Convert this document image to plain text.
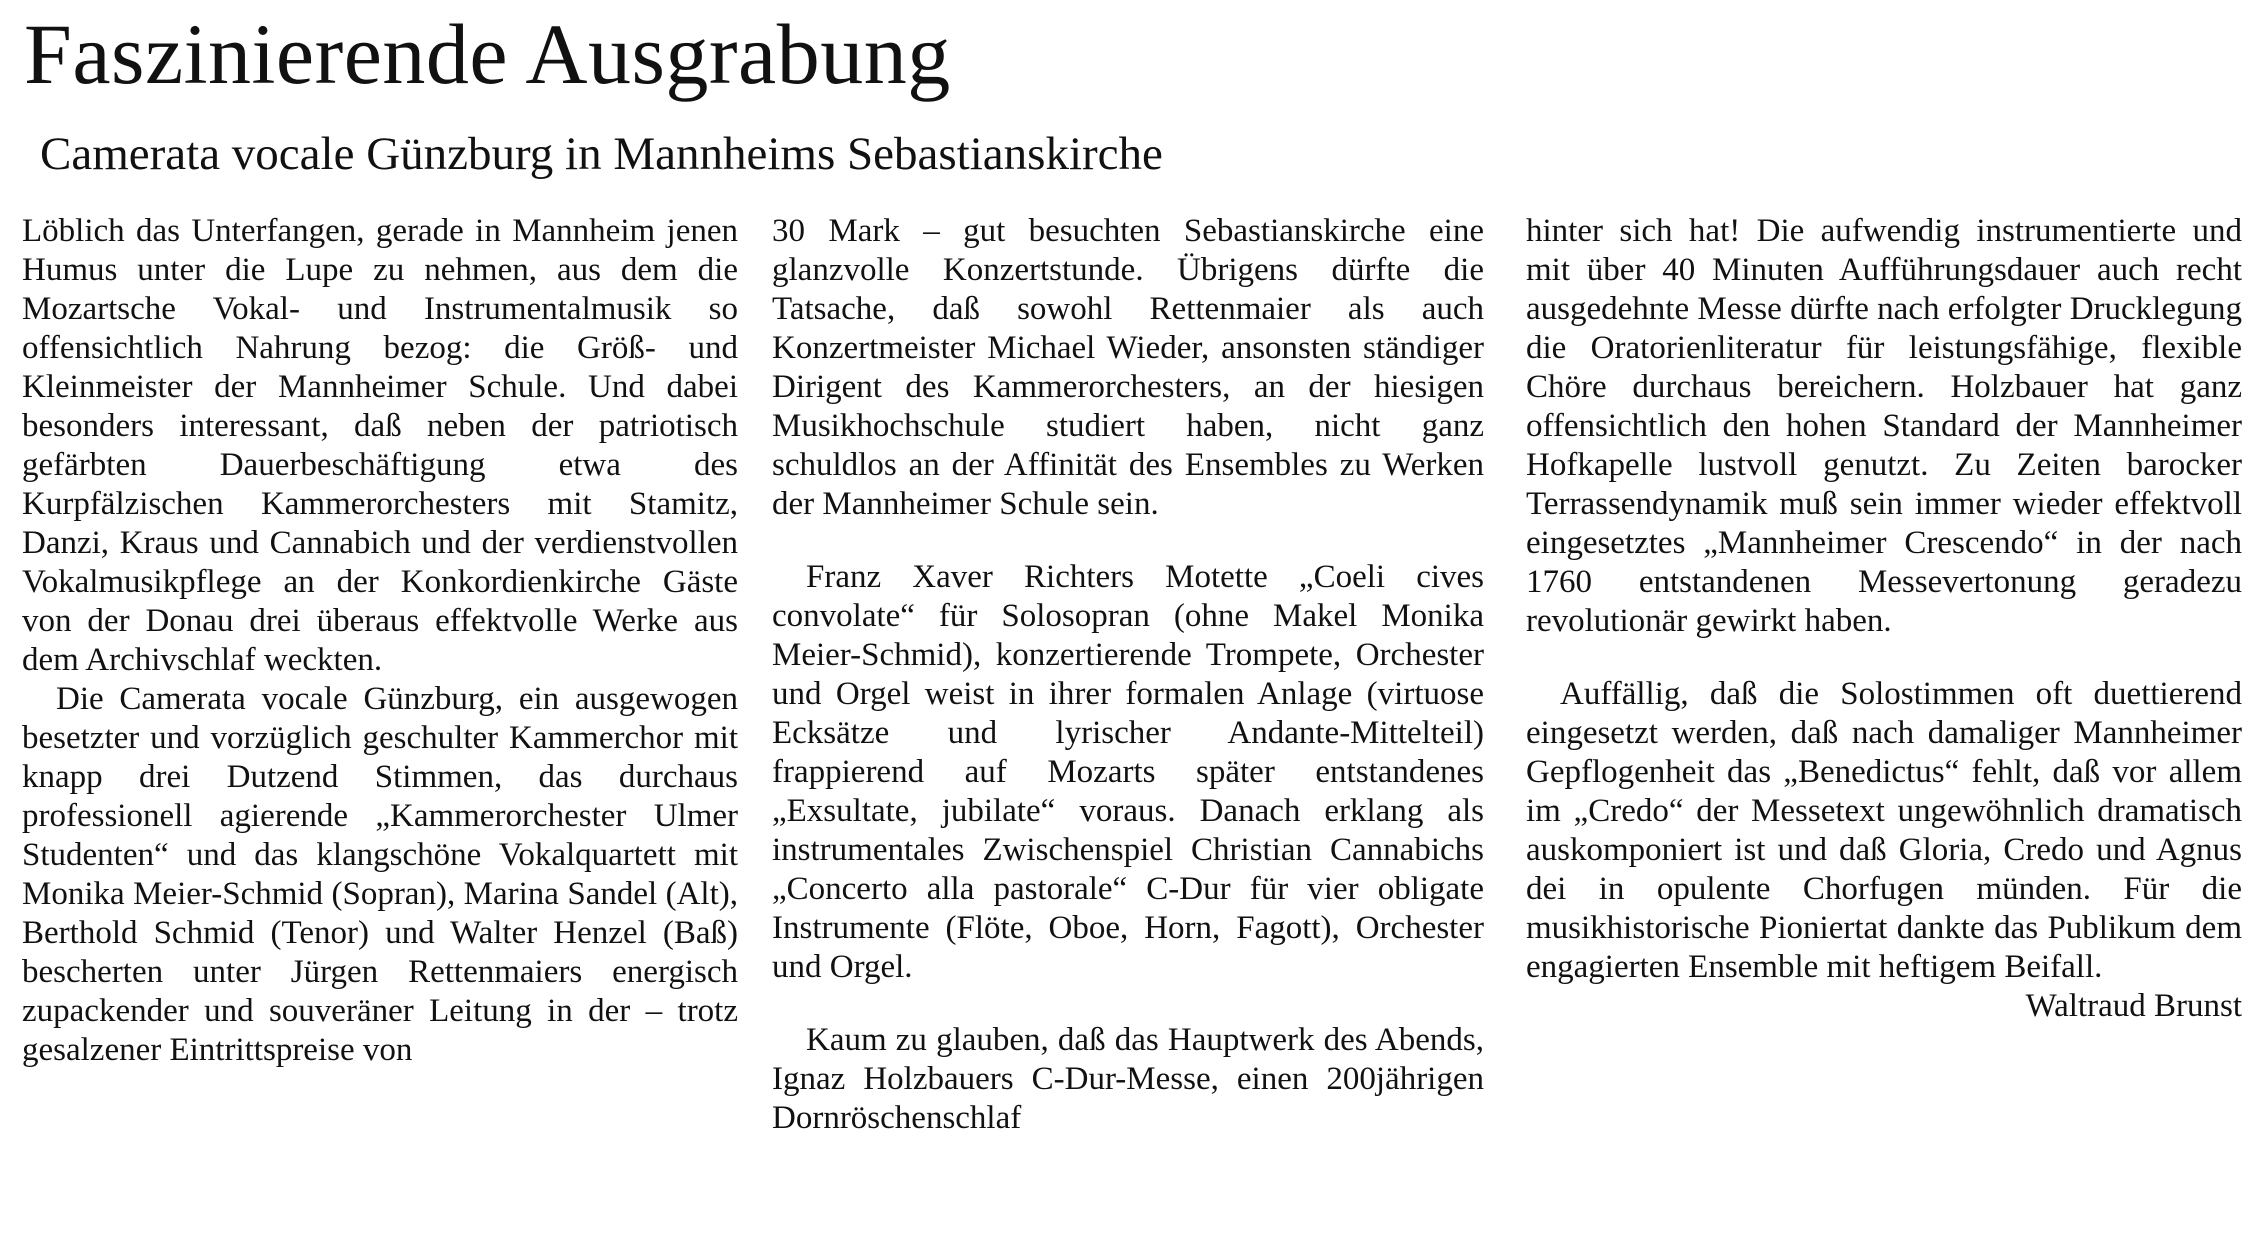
Faszinierende Ausgrabung
Camerata vocale Günzburg in Mannheims Sebastianskirche

Löblich das Unterfangen, gerade in Mannheim jenen Humus unter die Lupe zu nehmen, aus dem die Mozartsche Vokal- und Instrumentalmusik so offensichtlich Nahrung bezog: die Größ- und Kleinmeister der Mannheimer Schule. Und dabei besonders interessant, daß neben der patriotisch gefärbten Dauerbeschäftigung etwa des Kurpfälzischen Kammerorchesters mit Stamitz, Danzi, Kraus und Cannabich und der verdienstvollen Vokalmusikpflege an der Konkordienkirche Gäste von der Donau drei überaus effektvolle Werke aus dem Archivschlaf weckten.

Die Camerata vocale Günzburg, ein ausgewogen besetzter und vorzüglich geschulter Kammerchor mit knapp drei Dutzend Stimmen, das durchaus professionell agierende „Kammerorchester Ulmer Studenten“ und das klangschöne Vokalquartett mit Monika Meier-Schmid (Sopran), Marina Sandel (Alt), Berthold Schmid (Tenor) und Walter Henzel (Baß) bescherten unter Jürgen Rettenmaiers energisch zupackender und souveräner Leitung in der – trotz gesalzener Eintrittspreise von

30 Mark – gut besuchten Sebastianskirche eine glanzvolle Konzertstunde. Übrigens dürfte die Tatsache, daß sowohl Rettenmaier als auch Konzertmeister Michael Wieder, ansonsten ständiger Dirigent des Kammerorchesters, an der hiesigen Musikhochschule studiert haben, nicht ganz schuldlos an der Affinität des Ensembles zu Werken der Mannheimer Schule sein.

Franz Xaver Richters Motette „Coeli cives convolate“ für Solosopran (ohne Makel Monika Meier-Schmid), konzertierende Trompete, Orchester und Orgel weist in ihrer formalen Anlage (virtuose Ecksätze und lyrischer Andante-Mittelteil) frappierend auf Mozarts später entstandenes „Exsultate, jubilate“ voraus. Danach erklang als instrumentales Zwischenspiel Christian Cannabichs „Concerto alla pastorale“ C-Dur für vier obligate Instrumente (Flöte, Oboe, Horn, Fagott), Orchester und Orgel.

Kaum zu glauben, daß das Hauptwerk des Abends, Ignaz Holzbauers C-Dur-Messe, einen 200jährigen Dornröschenschlaf

hinter sich hat! Die aufwendig instrumentierte und mit über 40 Minuten Aufführungsdauer auch recht ausgedehnte Messe dürfte nach erfolgter Drucklegung die Oratorienliteratur für leistungsfähige, flexible Chöre durchaus bereichern. Holzbauer hat ganz offensichtlich den hohen Standard der Mannheimer Hofkapelle lustvoll genutzt. Zu Zeiten barocker Terrassendynamik muß sein immer wieder effektvoll eingesetztes „Mannheimer Crescendo“ in der nach 1760 entstandenen Messevertonung geradezu revolutionär gewirkt haben.

Auffällig, daß die Solostimmen oft duettierend eingesetzt werden, daß nach damaliger Mannheimer Gepflogenheit das „Benedictus“ fehlt, daß vor allem im „Credo“ der Messetext ungewöhnlich dramatisch auskomponiert ist und daß Gloria, Credo und Agnus dei in opulente Chorfugen münden. Für die musikhistorische Pioniertat dankte das Publikum dem engagierten Ensemble mit heftigem Beifall.

Waltraud Brunst
